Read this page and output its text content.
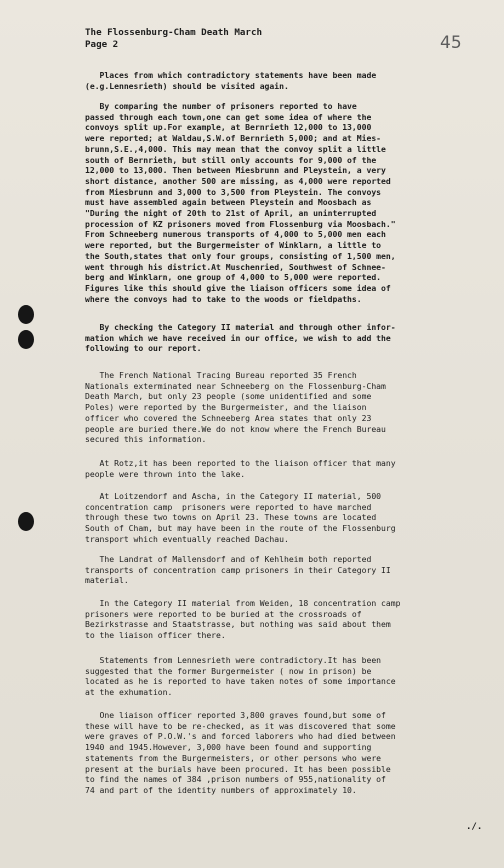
The Flossenburg-Cham Death March
Page 2	45
Places from which contradictory statements have been made
(e.g.Lennesrieth) should be visited again.
By comparing the number of prisoners reported to have
passed through each town,one can get some idea of where the
convoys split up.For example, at Bernrieth 12,000 to 13,000
were reported; at Waldau,S.W.of Bernrieth 5,000; and at Mies-
brunn,S.E.,4,000. This may mean that the convoy split a little
south of Bernrieth, but still only accounts for 9,000 of the
12,000 to 13,000. Then between Miesbrunn and Pleystein, a very
short distance, another 500 are missing, as 4,000 were reported
from Miesbrunn and 3,000 to 3,500 from Pleystein. The convoys
must have assembled again between Pleystein and Moosbach as
"During the night of 20th to 21st of April, an uninterrupted
procession of KZ prisoners moved from Flossenburg via Moosbach."
From Schneeberg numerous transports of 4,000 to 5,000 men each
were reported, but the Burgermeister of Winklarn, a little to
the South,states that only four groups, consisting of 1,500 men,
went through his district.At Muschenried, Southwest of Schnee-
berg and Winklarn, one group of 4,000 to 5,000 were reported.
Figures like this should give the liaison officers some idea of
where the convoys had to take to the woods or fieldpaths.
By checking the Category II material and through other infor-
mation which we have received in our office, we wish to add the
following to our report.
The French National Tracing Bureau reported 35 French
Nationals exterminated near Schneeberg on the Flossenburg-Cham
Death March, but only 23 people (some unidentified and some
Poles) were reported by the Burgermeister, and the liaison
officer who covered the Schneeberg Area states that only 23
people are buried there.We do not know where the French Bureau
secured this information.
At Rotz,it has been reported to the liaison officer that many
people were thrown into the lake.
At Loitzendorf and Ascha, in the Category II material, 500
concentration camp  prisoners were reported to have marched
through these two towns on April 23. These towns are located
South of Cham, but may have been in the route of the Flossenburg
transport which eventually reached Dachau.
The Landrat of Mallensdorf and of Kehlheim both reported
transports of concentration camp prisoners in their Category II
material.
In the Category II material from Weiden, 18 concentration camp
prisoners were reported to be buried at the crossroads of
Bezirkstrasse and Staatstrasse, but nothing was said about them
to the liaison officer there.
Statements from Lennesrieth were contradictory.It has been
suggested that the former Burgermeister ( now in prison) be
located as he is reported to have taken notes of some importance
at the exhumation.
One liaison officer reported 3,800 graves found,but some of
these will have to be re-checked, as it was discovered that some
were graves of P.O.W.'s and forced laborers who had died between
1940 and 1945.However, 3,000 have been found and supporting
statements from the Burgermeisters, or other persons who were
present at the burials have been procured. It has been possible
to find the names of 384 ,prison numbers of 955,nationality of
74 and part of the identity numbers of approximately 10.
./.
